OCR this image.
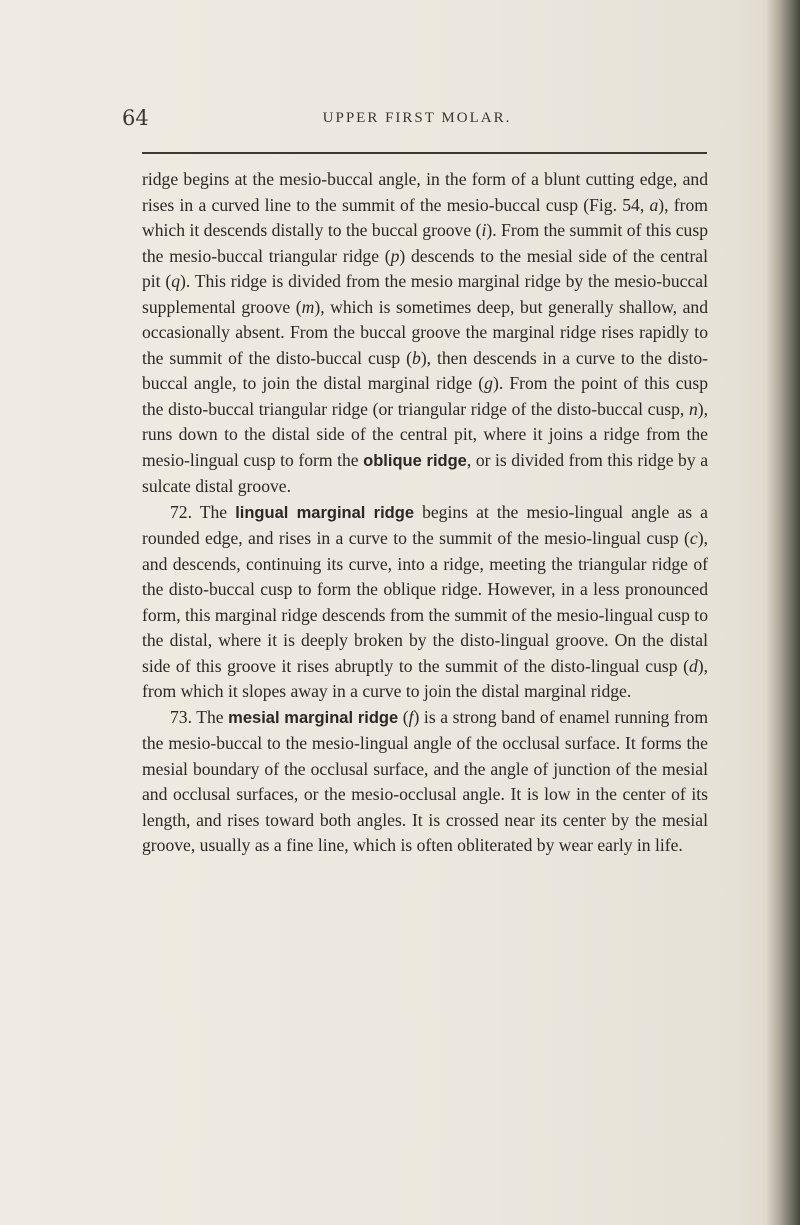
64	UPPER FIRST MOLAR.

ridge begins at the mesio-buccal angle, in the form of a blunt cutting edge, and rises in a curved line to the summit of the mesio-buccal cusp (Fig. 54, a), from which it descends distally to the buccal groove (i). From the summit of this cusp the mesio-buccal triangular ridge (p) descends to the mesial side of the central pit (q). This ridge is divided from the mesio marginal ridge by the mesio-buccal supplemental groove (m), which is sometimes deep, but generally shallow, and occasionally absent. From the buccal groove the marginal ridge rises rapidly to the summit of the disto-buccal cusp (b), then descends in a curve to the disto-buccal angle, to join the distal marginal ridge (g). From the point of this cusp the disto-buccal triangular ridge (or triangular ridge of the disto-buccal cusp, n), runs down to the distal side of the central pit, where it joins a ridge from the mesio-lingual cusp to form the oblique ridge, or is divided from this ridge by a sulcate distal groove.

72. The lingual marginal ridge begins at the mesio-lingual angle as a rounded edge, and rises in a curve to the summit of the mesio-lingual cusp (c), and descends, continuing its curve, into a ridge, meeting the triangular ridge of the disto-buccal cusp to form the oblique ridge. However, in a less pronounced form, this marginal ridge descends from the summit of the mesio-lingual cusp to the distal, where it is deeply broken by the disto-lingual groove. On the distal side of this groove it rises abruptly to the summit of the disto-lingual cusp (d), from which it slopes away in a curve to join the distal marginal ridge.

73. The mesial marginal ridge (f) is a strong band of enamel running from the mesio-buccal to the mesio-lingual angle of the occlusal surface. It forms the mesial boundary of the occlusal surface, and the angle of junction of the mesial and occlusal surfaces, or the mesio-occlusal angle. It is low in the center of its length, and rises toward both angles. It is crossed near its center by the mesial groove, usually as a fine line, which is often obliterated by wear early in life.
